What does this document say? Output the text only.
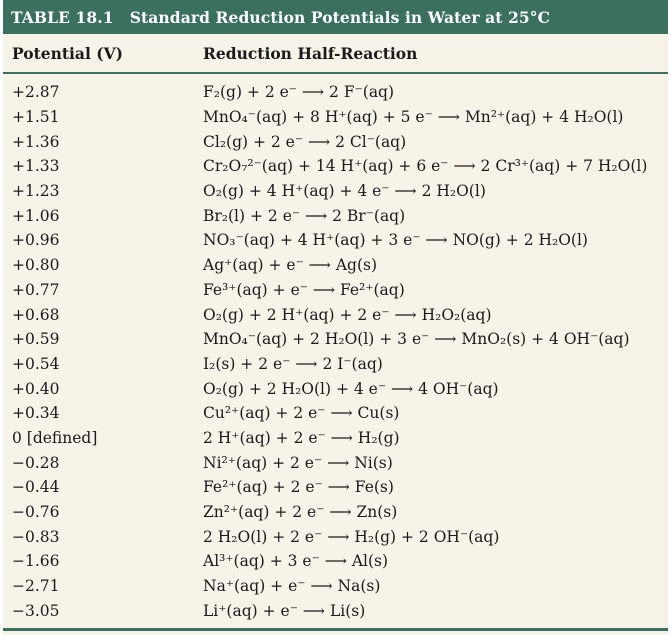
TABLE 18.1 Standard Reduction Potentials in Water at 25°C
Potential (V)	Reduction Half-Reaction
+2.87	F₂(g) + 2 e⁻ ⟶ 2 F⁻(aq)
+1.51	MnO₄⁻(aq) + 8 H⁺(aq) + 5 e⁻ ⟶ Mn²⁺(aq) + 4 H₂O(l)
+1.36	Cl₂(g) + 2 e⁻ ⟶ 2 Cl⁻(aq)
+1.33	Cr₂O₇²⁻(aq) + 14 H⁺(aq) + 6 e⁻ ⟶ 2 Cr³⁺(aq) + 7 H₂O(l)
+1.23	O₂(g) + 4 H⁺(aq) + 4 e⁻ ⟶ 2 H₂O(l)
+1.06	Br₂(l) + 2 e⁻ ⟶ 2 Br⁻(aq)
+0.96	NO₃⁻(aq) + 4 H⁺(aq) + 3 e⁻ ⟶ NO(g) + 2 H₂O(l)
+0.80	Ag⁺(aq) + e⁻ ⟶ Ag(s)
+0.77	Fe³⁺(aq) + e⁻ ⟶ Fe²⁺(aq)
+0.68	O₂(g) + 2 H⁺(aq) + 2 e⁻ ⟶ H₂O₂(aq)
+0.59	MnO₄⁻(aq) + 2 H₂O(l) + 3 e⁻ ⟶ MnO₂(s) + 4 OH⁻(aq)
+0.54	I₂(s) + 2 e⁻ ⟶ 2 I⁻(aq)
+0.40	O₂(g) + 2 H₂O(l) + 4 e⁻ ⟶ 4 OH⁻(aq)
+0.34	Cu²⁺(aq) + 2 e⁻ ⟶ Cu(s)
0 [defined]	2 H⁺(aq) + 2 e⁻ ⟶ H₂(g)
−0.28	Ni²⁺(aq) + 2 e⁻ ⟶ Ni(s)
−0.44	Fe²⁺(aq) + 2 e⁻ ⟶ Fe(s)
−0.76	Zn²⁺(aq) + 2 e⁻ ⟶ Zn(s)
−0.83	2 H₂O(l) + 2 e⁻ ⟶ H₂(g) + 2 OH⁻(aq)
−1.66	Al³⁺(aq) + 3 e⁻ ⟶ Al(s)
−2.71	Na⁺(aq) + e⁻ ⟶ Na(s)
−3.05	Li⁺(aq) + e⁻ ⟶ Li(s)
